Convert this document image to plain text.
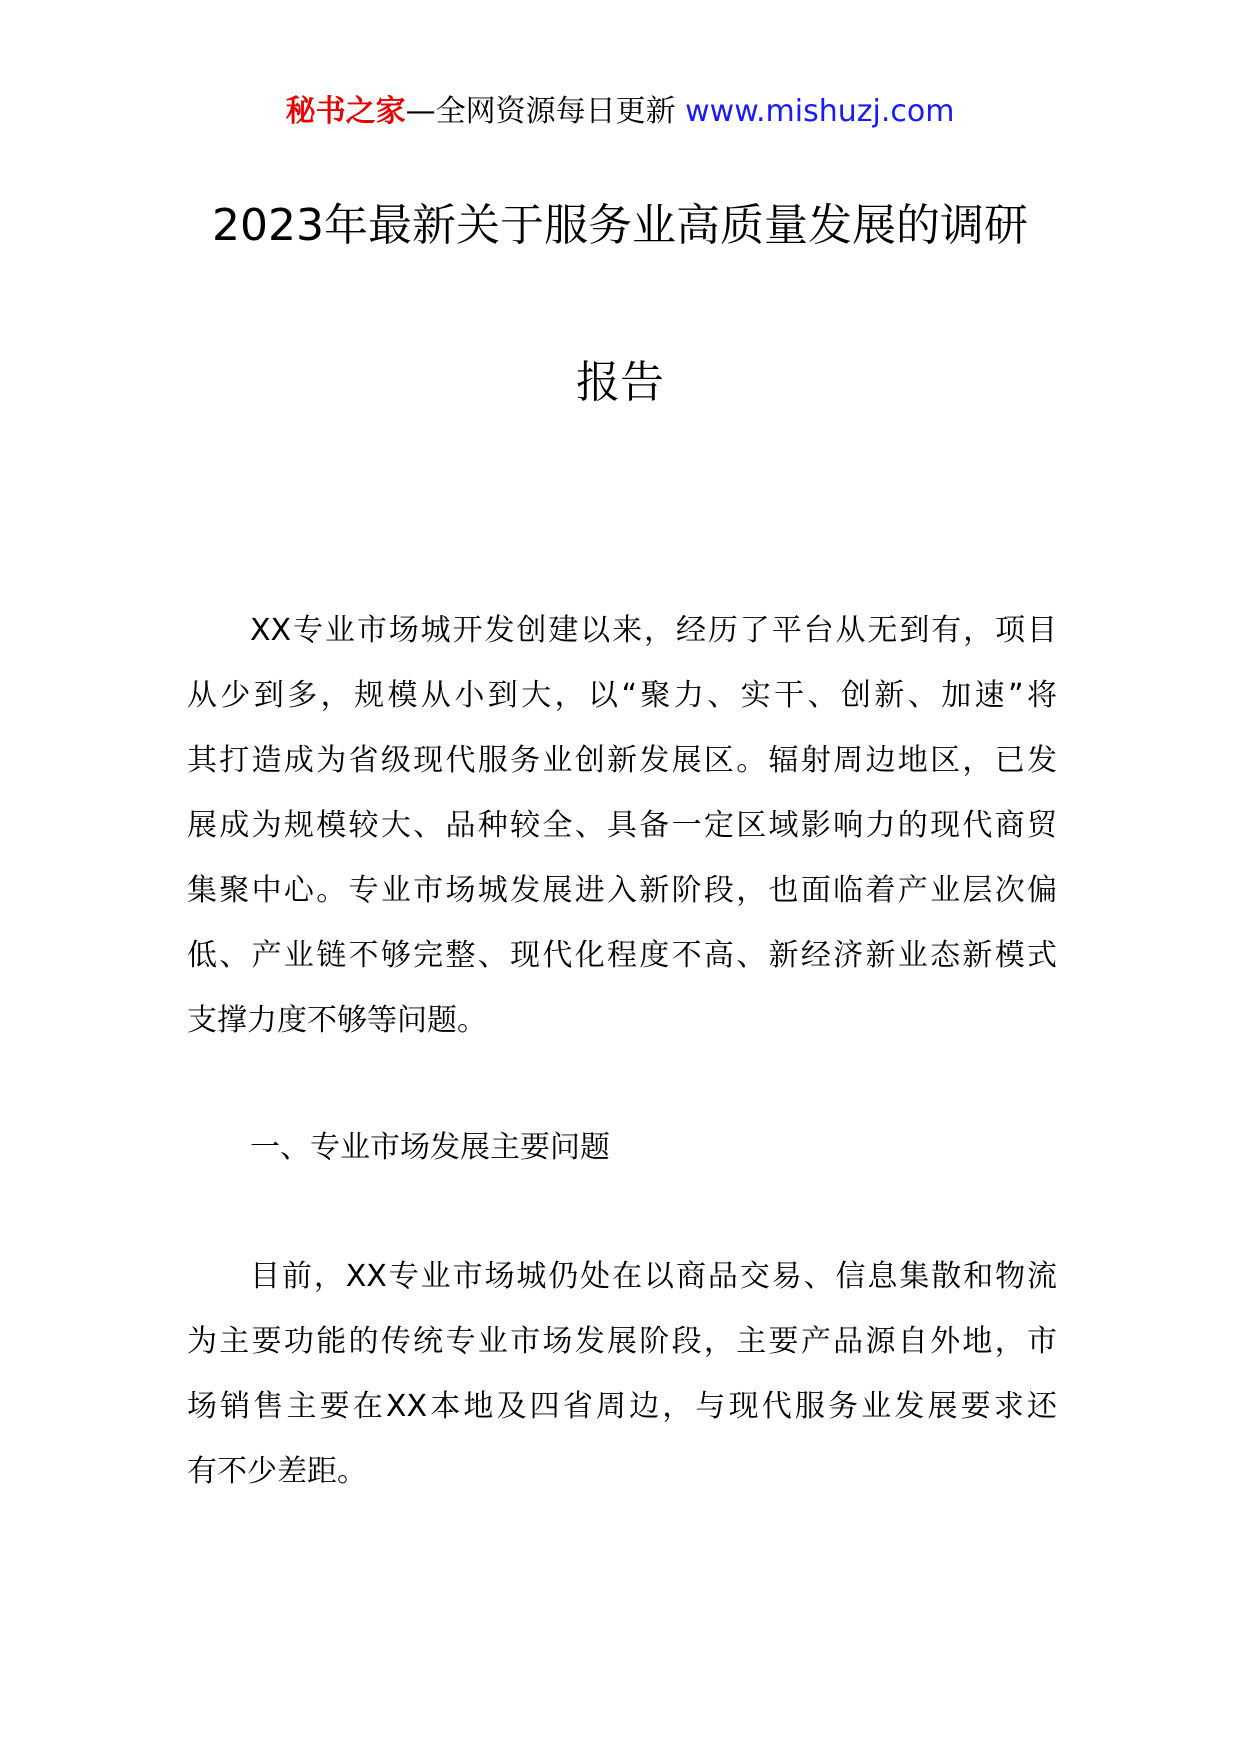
秘书之家—全网资源每日更新 www.mishuzj.com
2023年最新关于服务业高质量发展的调研
报告
XX专业市场城开发创建以来，经历了平台从无到有，项目
从少到多，规模从小到大，以“聚力、实干、创新、加速”将
其打造成为省级现代服务业创新发展区。辐射周边地区，已发
展成为规模较大、品种较全、具备一定区域影响力的现代商贸
集聚中心。专业市场城发展进入新阶段，也面临着产业层次偏
低、产业链不够完整、现代化程度不高、新经济新业态新模式
支撑力度不够等问题。
一、专业市场发展主要问题
目前，XX专业市场城仍处在以商品交易、信息集散和物流
为主要功能的传统专业市场发展阶段，主要产品源自外地，市
场销售主要在XX本地及四省周边，与现代服务业发展要求还
有不少差距。
